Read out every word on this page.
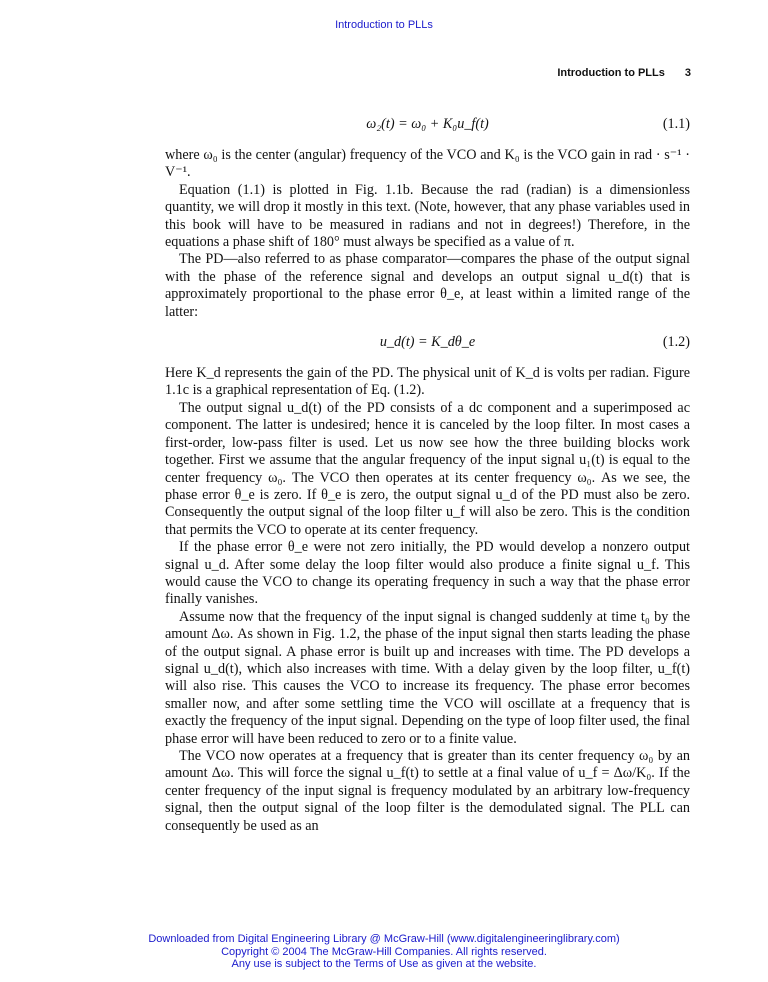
Introduction to PLLs
Introduction to PLLs 3
ω₂(t) = ω₀ + K₀u_f(t)	(1.1)

where ω₀ is the center (angular) frequency of the VCO and K₀ is the VCO gain in rad · s⁻¹ · V⁻¹.

Equation (1.1) is plotted in Fig. 1.1b. Because the rad (radian) is a dimensionless quantity, we will drop it mostly in this text. (Note, however, that any phase variables used in this book will have to be measured in radians and not in degrees!) Therefore, in the equations a phase shift of 180° must always be specified as a value of π.

The PD—also referred to as phase comparator—compares the phase of the output signal with the phase of the reference signal and develops an output signal u_d(t) that is approximately proportional to the phase error θ_e, at least within a limited range of the latter:

u_d(t) = K_dθ_e	(1.2)

Here K_d represents the gain of the PD. The physical unit of K_d is volts per radian. Figure 1.1c is a graphical representation of Eq. (1.2).

The output signal u_d(t) of the PD consists of a dc component and a superimposed ac component. The latter is undesired; hence it is canceled by the loop filter. In most cases a first-order, low-pass filter is used. Let us now see how the three building blocks work together. First we assume that the angular frequency of the input signal u₁(t) is equal to the center frequency ω₀. The VCO then operates at its center frequency ω₀. As we see, the phase error θ_e is zero. If θ_e is zero, the output signal u_d of the PD must also be zero. Consequently the output signal of the loop filter u_f will also be zero. This is the condition that permits the VCO to operate at its center frequency.

If the phase error θ_e were not zero initially, the PD would develop a nonzero output signal u_d. After some delay the loop filter would also produce a finite signal u_f. This would cause the VCO to change its operating frequency in such a way that the phase error finally vanishes.

Assume now that the frequency of the input signal is changed suddenly at time t₀ by the amount Δω. As shown in Fig. 1.2, the phase of the input signal then starts leading the phase of the output signal. A phase error is built up and increases with time. The PD develops a signal u_d(t), which also increases with time. With a delay given by the loop filter, u_f(t) will also rise. This causes the VCO to increase its frequency. The phase error becomes smaller now, and after some settling time the VCO will oscillate at a frequency that is exactly the frequency of the input signal. Depending on the type of loop filter used, the final phase error will have been reduced to zero or to a finite value.

The VCO now operates at a frequency that is greater than its center frequency ω₀ by an amount Δω. This will force the signal u_f(t) to settle at a final value of u_f = Δω/K₀. If the center frequency of the input signal is frequency modulated by an arbitrary low-frequency signal, then the output signal of the loop filter is the demodulated signal. The PLL can consequently be used as an

Downloaded from Digital Engineering Library @ McGraw-Hill (www.digitalengineeringlibrary.com)
Copyright © 2004 The McGraw-Hill Companies. All rights reserved.
Any use is subject to the Terms of Use as given at the website.
